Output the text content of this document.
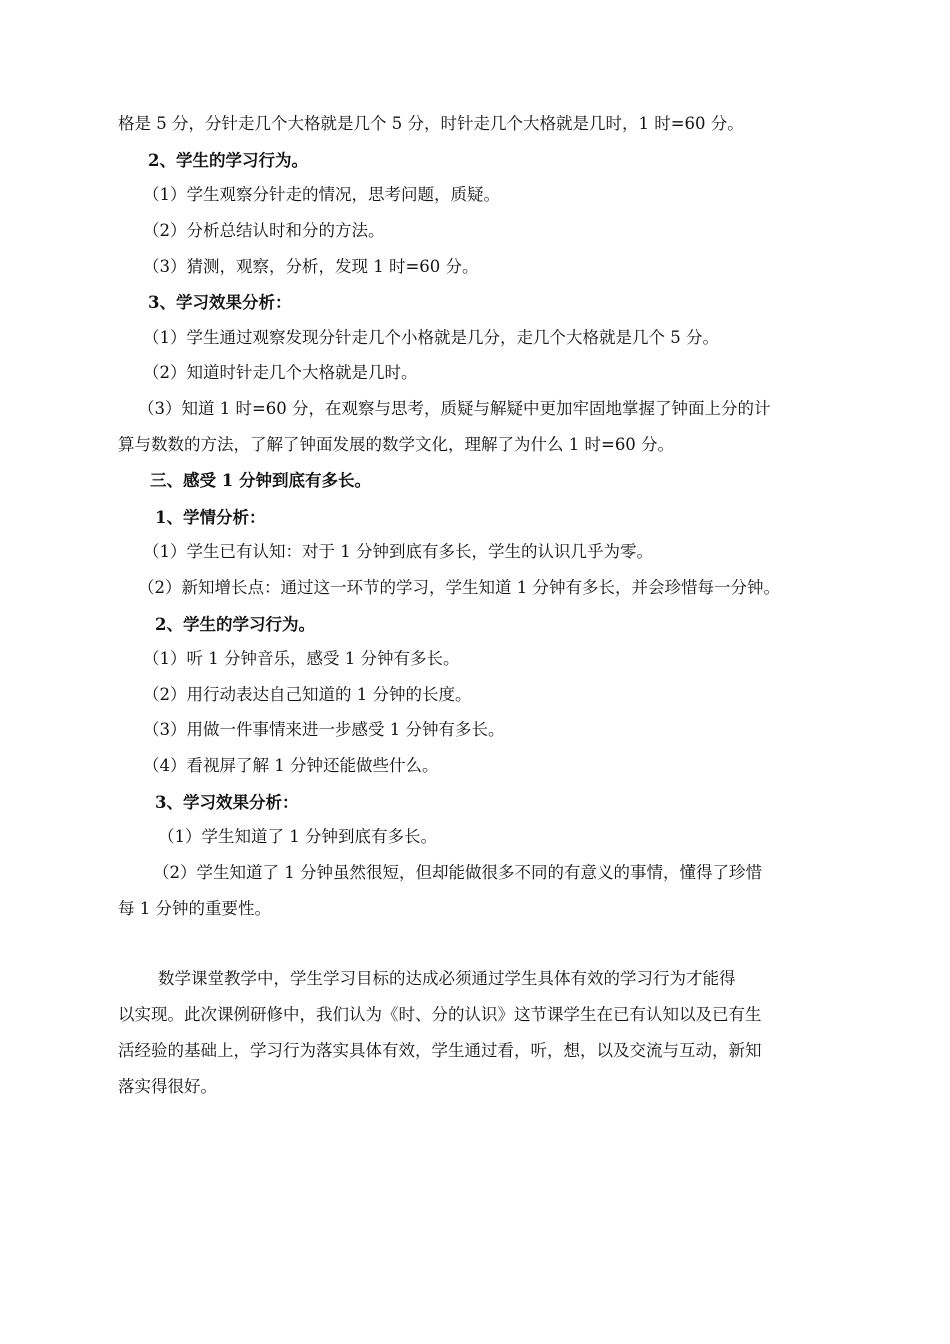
格是 5 分，分针走几个大格就是几个 5 分，时针走几个大格就是几时，1 时=60 分。
2、学生的学习行为。
（1）学生观察分针走的情况，思考问题，质疑。
（2）分析总结认时和分的方法。
（3）猜测，观察，分析，发现 1 时=60 分。
3、学习效果分析：
（1）学生通过观察发现分针走几个小格就是几分，走几个大格就是几个 5 分。
（2）知道时针走几个大格就是几时。
（3）知道 1 时=60 分，在观察与思考，质疑与解疑中更加牢固地掌握了钟面上分的计
算与数数的方法，了解了钟面发展的数学文化，理解了为什么 1 时=60 分。
三、感受 1 分钟到底有多长。
1、学情分析：
（1）学生已有认知：对于 1 分钟到底有多长，学生的认识几乎为零。
（2）新知增长点：通过这一环节的学习，学生知道 1 分钟有多长，并会珍惜每一分钟。
2、学生的学习行为。
（1）听 1 分钟音乐，感受 1 分钟有多长。
（2）用行动表达自己知道的 1 分钟的长度。
（3）用做一件事情来进一步感受 1 分钟有多长。
（4）看视屏了解 1 分钟还能做些什么。
3、学习效果分析：
（1）学生知道了 1 分钟到底有多长。
（2）学生知道了 1 分钟虽然很短，但却能做很多不同的有意义的事情，懂得了珍惜
每 1 分钟的重要性。
数学课堂教学中，学生学习目标的达成必须通过学生具体有效的学习行为才能得
以实现。此次课例研修中，我们认为《时、分的认识》这节课学生在已有认知以及已有生
活经验的基础上，学习行为落实具体有效，学生通过看，听，想，以及交流与互动，新知
落实得很好。
